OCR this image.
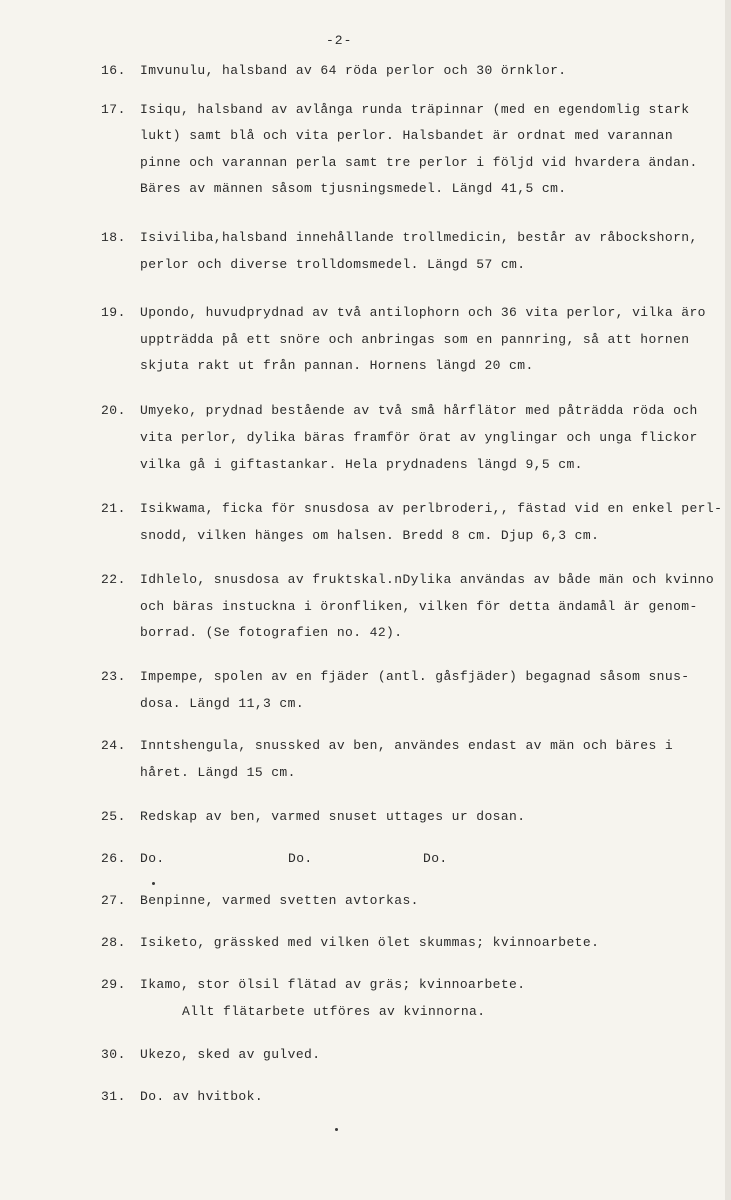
-2-
16. Imvunulu, halsband av 64 röda perlor och 30 örnklor.
17. Isiqu, halsband av avlånga runda träpinnar (med en egendomlig stark
lukt) samt blå och vita perlor. Halsbandet är ordnat med varannan
pinne och varannan perla samt tre perlor i följd vid hvardera ändan.
Bäres av männen såsom tjusningsmedel. Längd 41,5 cm.
18. Isiviliba,halsband innehållande trollmedicin, består av råbockshorn,
perlor och diverse trolldomsmedel. Längd 57 cm.
19. Upondo, huvudprydnad av två antilophorn och 36 vita perlor, vilka äro
uppträdda på ett snöre och anbringas som en pannring, så att hornen
skjuta rakt ut från pannan. Hornens längd 20 cm.
20. Umyeko, prydnad bestående av två små hårflätor med påträdda röda och
vita perlor, dylika bäras framför örat av ynglingar och unga flickor
vilka gå i giftastankar. Hela prydnadens längd 9,5 cm.
21. Isikwama, ficka för snusdosa av perlbroderi,, fästad vid en enkel perl-
snodd, vilken hänges om halsen. Bredd 8 cm. Djup 6,3 cm.
22. Idhlelo, snusdosa av fruktskal.nDylika användas av både män och kvinno
och bäras instuckna i öronfliken, vilken för detta ändamål är genom-
borrad. (Se fotografien no. 42).
23. Impempe, spolen av en fjäder (antl. gåsfjäder) begagnad såsom snus-
dosa. Längd 11,3 cm.
24. Inntshengula, snussked av ben, användes endast av män och bäres i
håret. Längd 15 cm.
25. Redskap av ben, varmed snuset uttages ur dosan.
26. Do.	Do.	Do.
27. Benpinne, varmed svetten avtorkas.
28. Isiketo, grässked med vilken ölet skummas; kvinnoarbete.
29. Ikamo, stor ölsil flätad av gräs; kvinnoarbete.
Allt flätarbete utföres av kvinnorna.
30. Ukezo, sked av gulved.
31. Do. av hvitbok.
